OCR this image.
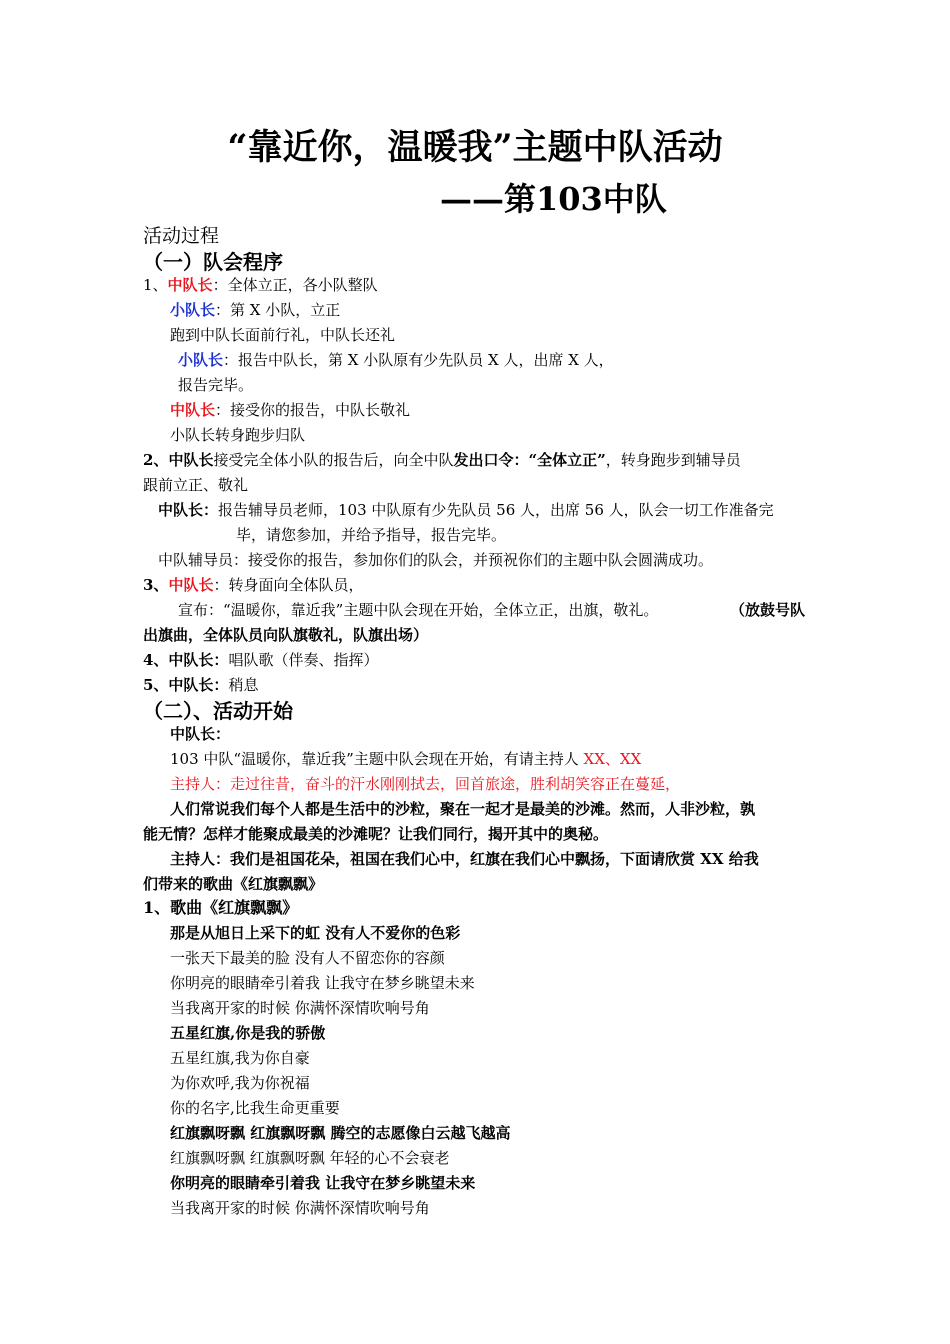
“靠近你，温暖我”主题中队活动
——第103中队
活动过程
（一）队会程序
1、中队长：全体立正，各小队整队
小队长：第 X 小队，立正
跑到中队长面前行礼，中队长还礼
小队长：报告中队长，第 X 小队原有少先队员 X 人，出席 X 人，
报告完毕。
中队长：接受你的报告，中队长敬礼
小队长转身跑步归队
2、中队长接受完全体小队的报告后，向全中队发出口令：“全体立正”，转身跑步到辅导员
跟前立正、敬礼
中队长：报告辅导员老师，103 中队原有少先队员 56 人，出席 56 人，队会一切工作准备完
毕，请您参加，并给予指导，报告完毕。
中队辅导员：接受你的报告，参加你们的队会，并预祝你们的主题中队会圆满成功。
3、中队长：转身面向全体队员，
宣布：“温暖你，靠近我”主题中队会现在开始，全体立正，出旗，敬礼。	（放鼓号队
出旗曲，全体队员向队旗敬礼，队旗出场）
4、中队长：唱队歌（伴奏、指挥）
5、中队长：稍息
（二）、活动开始
中队长：
103 中队“温暖你，靠近我”主题中队会现在开始，有请主持人 XX、XX
主持人：走过往昔，奋斗的汗水刚刚拭去，回首旅途，胜利胡笑容正在蔓延，
人们常说我们每个人都是生活中的沙粒，聚在一起才是最美的沙滩。然而，人非沙粒，孰
能无情？怎样才能聚成最美的沙滩呢？让我们同行，揭开其中的奥秘。
主持人：我们是祖国花朵，祖国在我们心中，红旗在我们心中飘扬，下面请欣赏 XX 给我
们带来的歌曲《红旗飘飘》
1、歌曲《红旗飘飘》
那是从旭日上采下的虹 没有人不爱你的色彩
一张天下最美的脸 没有人不留恋你的容颜
你明亮的眼睛牵引着我 让我守在梦乡眺望未来
当我离开家的时候 你满怀深情吹响号角
五星红旗,你是我的骄傲
五星红旗,我为你自豪
为你欢呼,我为你祝福
你的名字,比我生命更重要
红旗飘呀飘 红旗飘呀飘 腾空的志愿像白云越飞越高
红旗飘呀飘 红旗飘呀飘 年轻的心不会衰老
你明亮的眼睛牵引着我 让我守在梦乡眺望未来
当我离开家的时候 你满怀深情吹响号角
